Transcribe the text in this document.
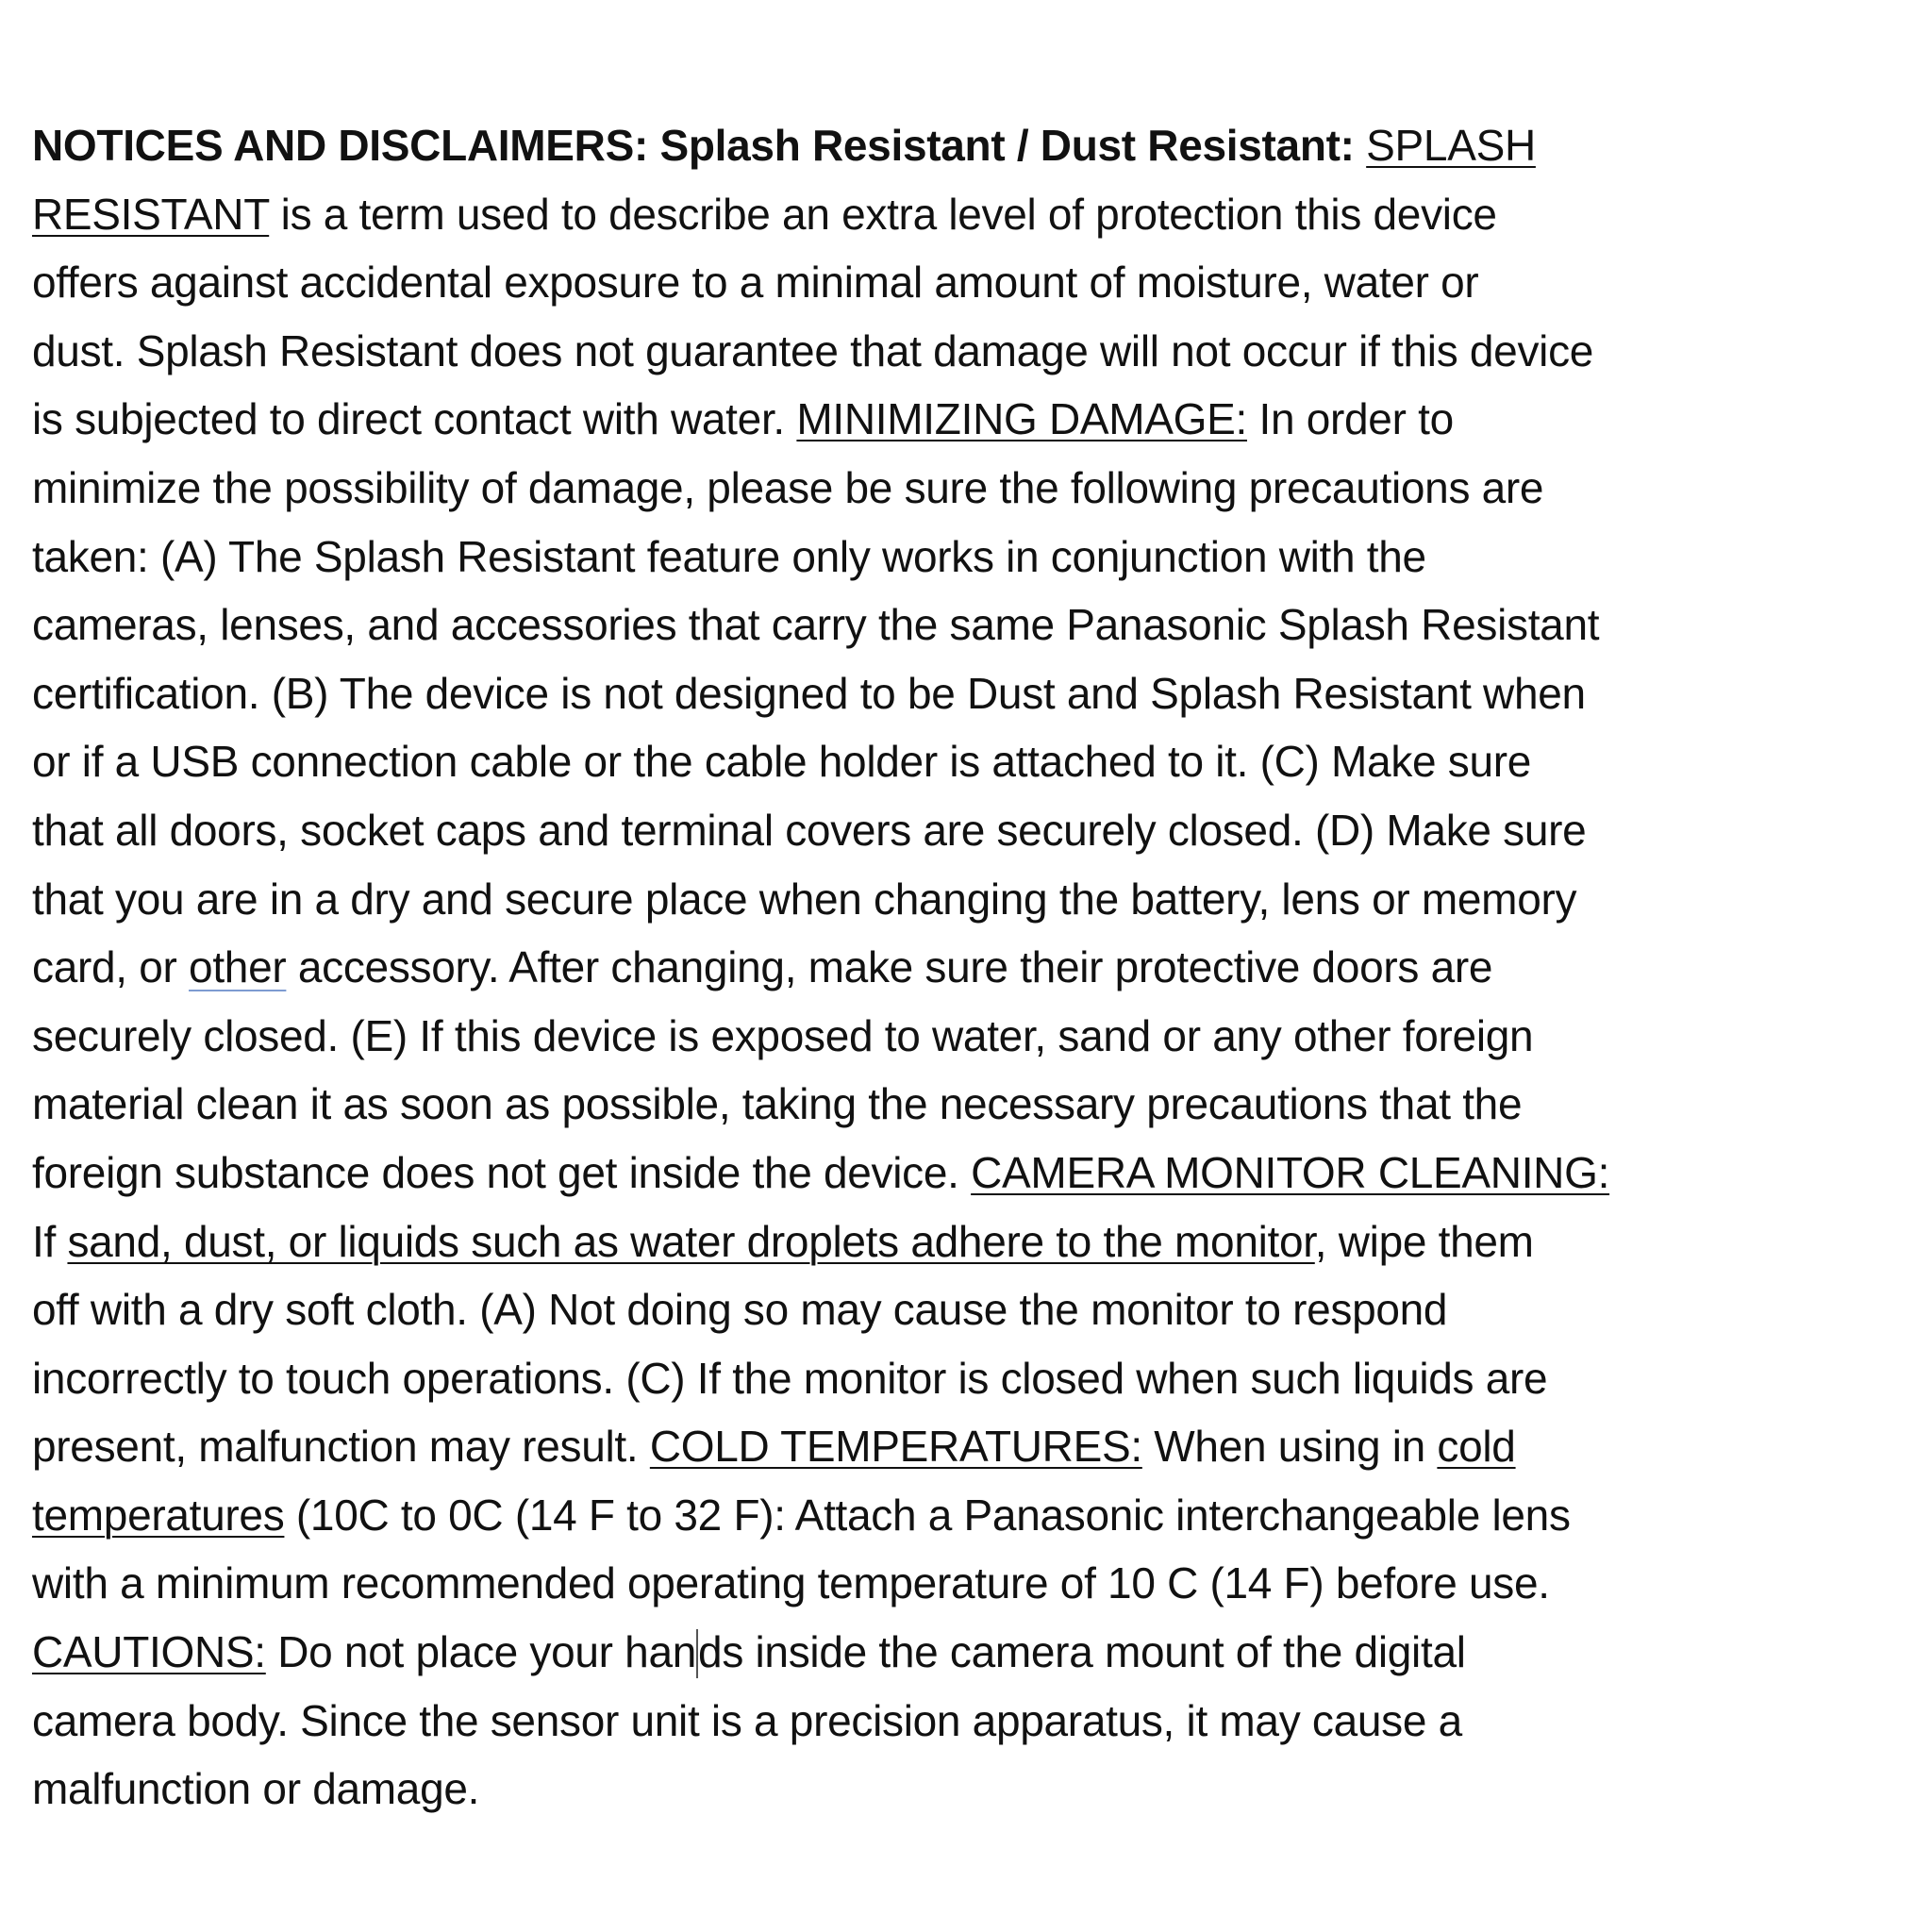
NOTICES AND DISCLAIMERS: Splash Resistant / Dust Resistant: SPLASH
RESISTANT is a term used to describe an extra level of protection this device
offers against accidental exposure to a minimal amount of moisture, water or
dust. Splash Resistant does not guarantee that damage will not occur if this device
is subjected to direct contact with water. MINIMIZING DAMAGE: In order to
minimize the possibility of damage, please be sure the following precautions are
taken: (A) The Splash Resistant feature only works in conjunction with the
cameras, lenses, and accessories that carry the same Panasonic Splash Resistant
certification. (B) The device is not designed to be Dust and Splash Resistant when
or if a USB connection cable or the cable holder is attached to it. (C) Make sure
that all doors, socket caps and terminal covers are securely closed. (D) Make sure
that you are in a dry and secure place when changing the battery, lens or memory
card, or other accessory. After changing, make sure their protective doors are
securely closed. (E) If this device is exposed to water, sand or any other foreign
material clean it as soon as possible, taking the necessary precautions that the
foreign substance does not get inside the device. CAMERA MONITOR CLEANING:
If sand, dust, or liquids such as water droplets adhere to the monitor, wipe them
off with a dry soft cloth. (A) Not doing so may cause the monitor to respond
incorrectly to touch operations. (C) If the monitor is closed when such liquids are
present, malfunction may result. COLD TEMPERATURES: When using in cold
temperatures (10C to 0C (14 F to 32 F): Attach a Panasonic interchangeable lens
with a minimum recommended operating temperature of 10 C (14 F) before use.
CAUTIONS: Do not place your hands inside the camera mount of the digital
camera body. Since the sensor unit is a precision apparatus, it may cause a
malfunction or damage.
